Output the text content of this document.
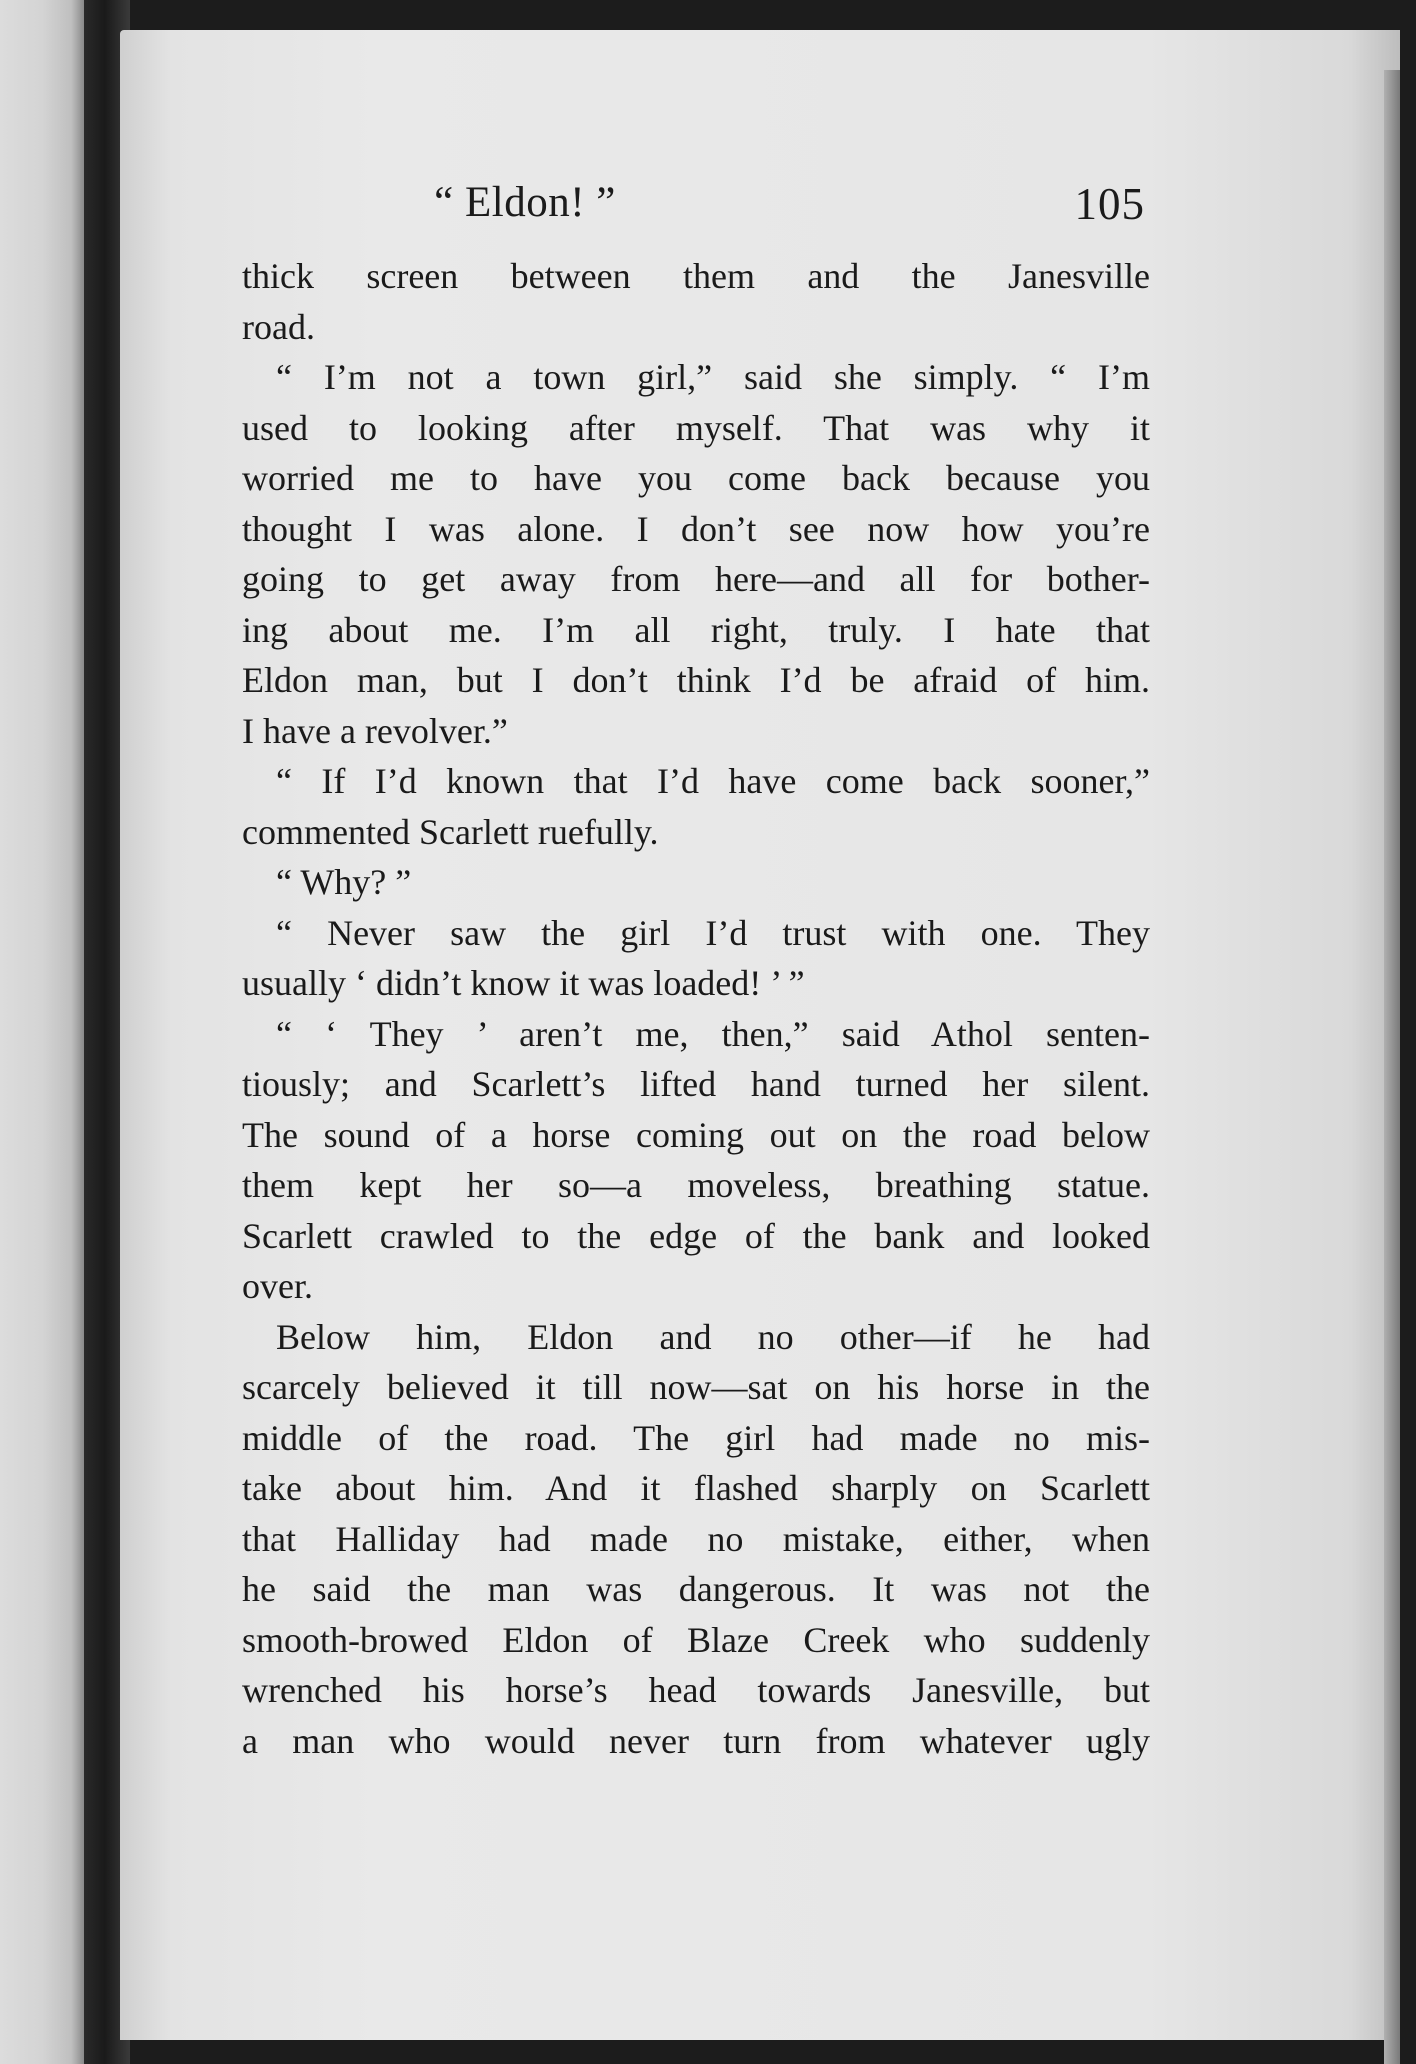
“ Eldon! ”	105
thick screen between them and the Janesville
road.
“ I’m not a town girl,” said she simply. “ I’m
used to looking after myself. That was why it
worried me to have you come back because you
thought I was alone. I don’t see now how you’re
going to get away from here—and all for bother-
ing about me. I’m all right, truly. I hate that
Eldon man, but I don’t think I’d be afraid of him.
I have a revolver.”
“ If I’d known that I’d have come back sooner,”
commented Scarlett ruefully.
“ Why? ”
“ Never saw the girl I’d trust with one. They
usually ‘ didn’t know it was loaded! ’ ”
“ ‘ They ’ aren’t me, then,” said Athol senten-
tiously; and Scarlett’s lifted hand turned her silent.
The sound of a horse coming out on the road below
them kept her so—a moveless, breathing statue.
Scarlett crawled to the edge of the bank and looked
over.
Below him, Eldon and no other—if he had
scarcely believed it till now—sat on his horse in the
middle of the road. The girl had made no mis-
take about him. And it flashed sharply on Scarlett
that Halliday had made no mistake, either, when
he said the man was dangerous. It was not the
smooth-browed Eldon of Blaze Creek who suddenly
wrenched his horse’s head towards Janesville, but
a man who would never turn from whatever ugly
